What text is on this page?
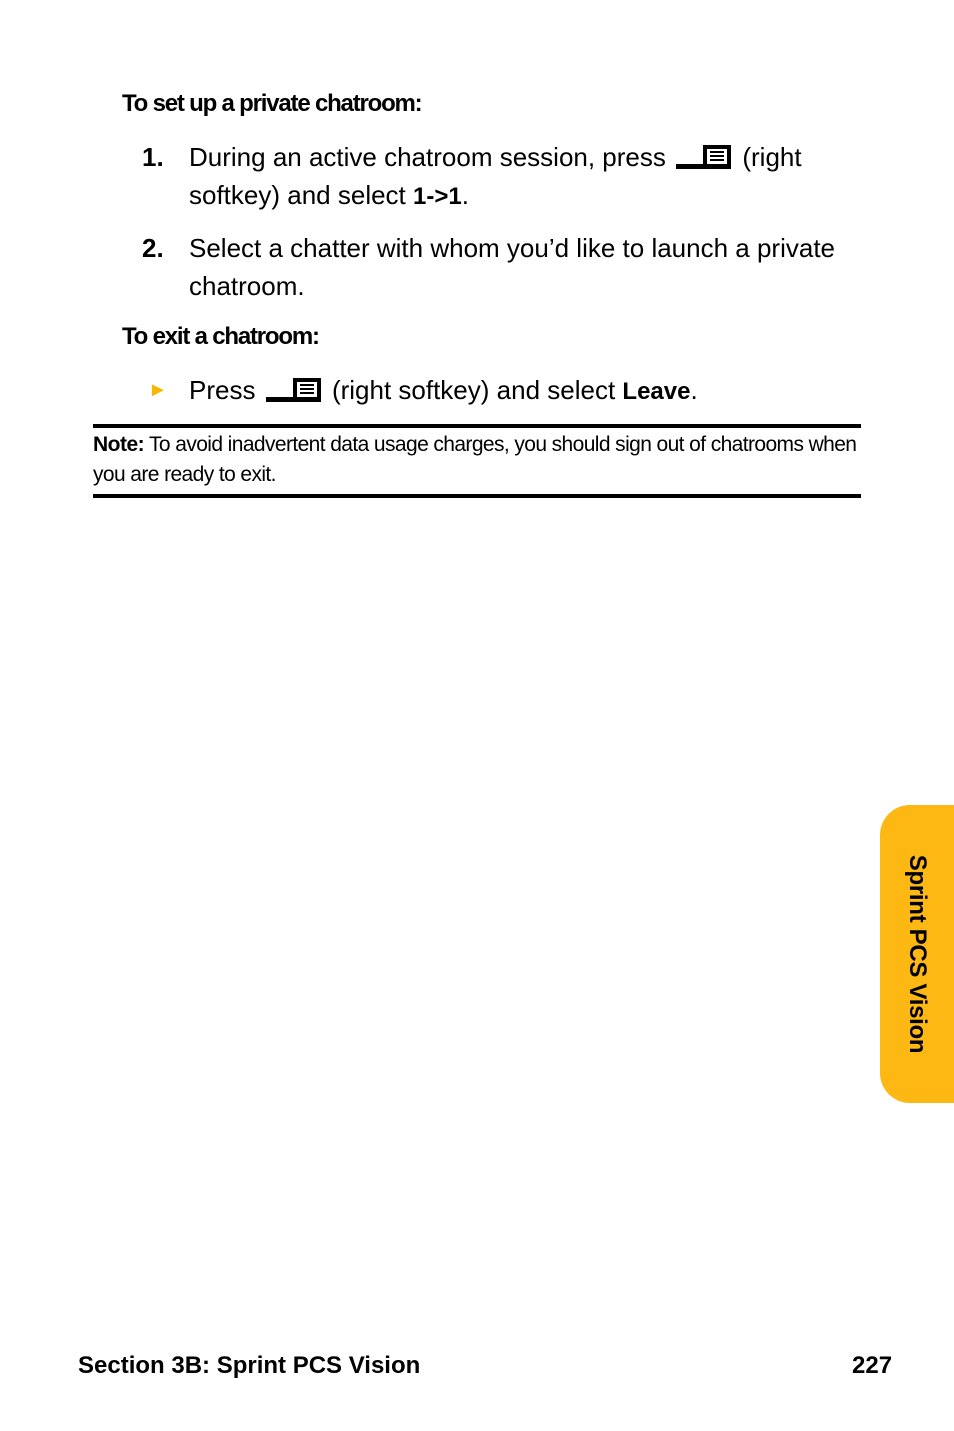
To set up a private chatroom:
1. During an active chatroom session, press	(right softkey) and select 1->1.
2. Select a chatter with whom you’d like to launch a private chatroom.
To exit a chatroom:
► Press	(right softkey) and select Leave.
Note: To avoid inadvertent data usage charges, you should sign out of chatrooms when you are ready to exit.
Sprint PCS Vision
Section 3B: Sprint PCS Vision	227
